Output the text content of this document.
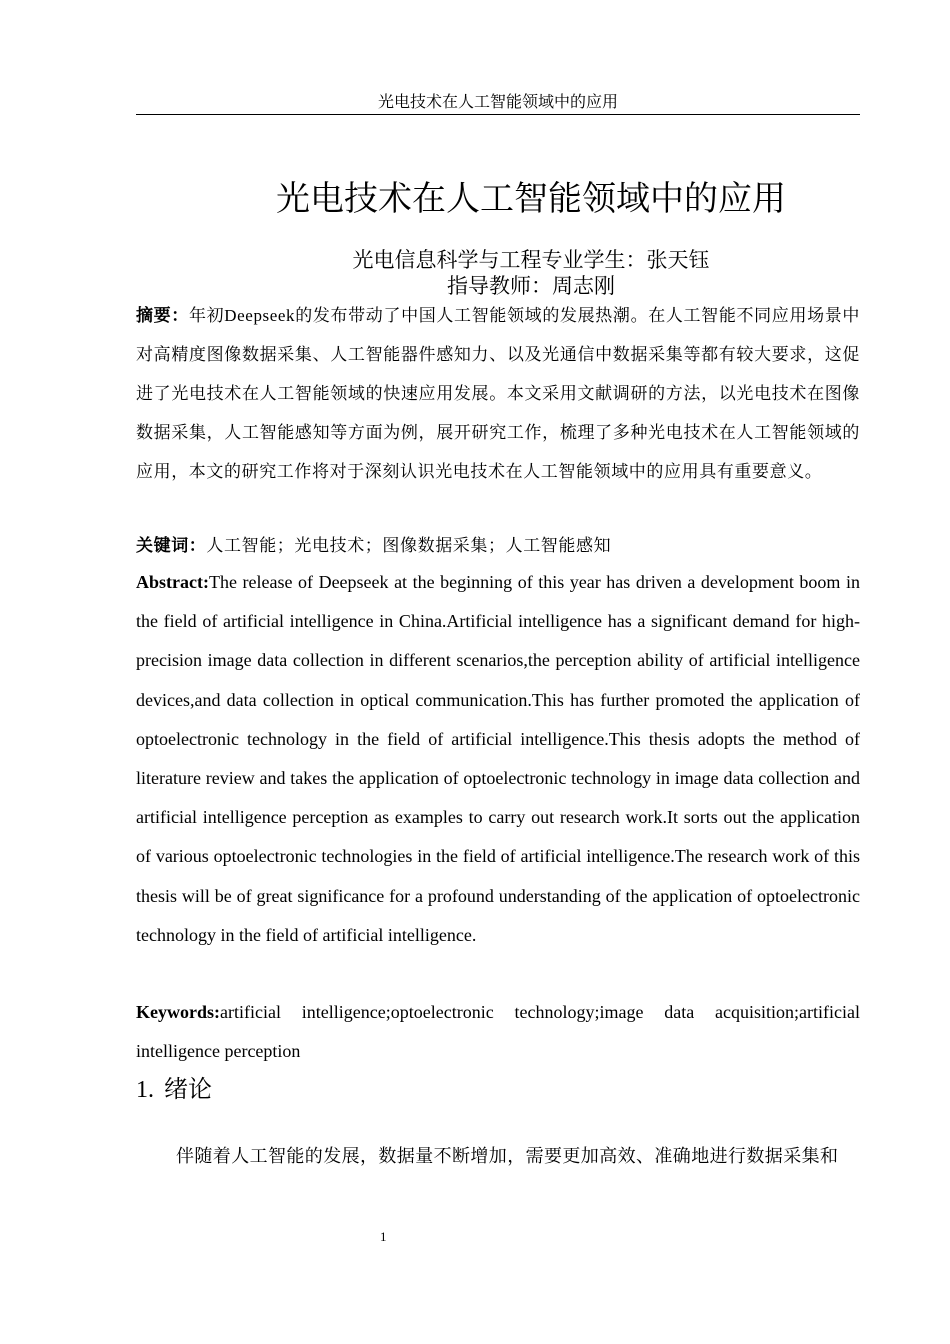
光电技术在人工智能领域中的应用
光电技术在人工智能领域中的应用
光电信息科学与工程专业学生：张天钰
指导教师：周志刚

摘要：年初Deepseek的发布带动了中国人工智能领域的发展热潮。在人工智能不同应用场景中对高精度图像数据采集、人工智能器件感知力、以及光通信中数据采集等都有较大要求，这促进了光电技术在人工智能领域的快速应用发展。本文采用文献调研的方法，以光电技术在图像数据采集，人工智能感知等方面为例，展开研究工作，梳理了多种光电技术在人工智能领域的应用，本文的研究工作将对于深刻认识光电技术在人工智能领域中的应用具有重要意义。

关键词：人工智能；光电技术；图像数据采集；人工智能感知

Abstract:The release of Deepseek at the beginning of this year has driven a development boom in the field of artificial intelligence in China.Artificial intelligence has a significant demand for high-precision image data collection in different scenarios,the perception ability of artificial intelligence devices,and data collection in optical communication.This has further promoted the application of optoelectronic technology in the field of artificial intelligence.This thesis adopts the method of literature review and takes the application of optoelectronic technology in image data collection and artificial intelligence perception as examples to carry out research work.It sorts out the application of various optoelectronic technologies in the field of artificial intelligence.The research work of this thesis will be of great significance for a profound understanding of the application of optoelectronic technology in the field of artificial intelligence.

Keywords:artificial intelligence;optoelectronic technology;image data acquisition;artificial intelligence perception

1. 绪论

伴随着人工智能的发展，数据量不断增加，需要更加高效、准确地进行数据采集和

1
